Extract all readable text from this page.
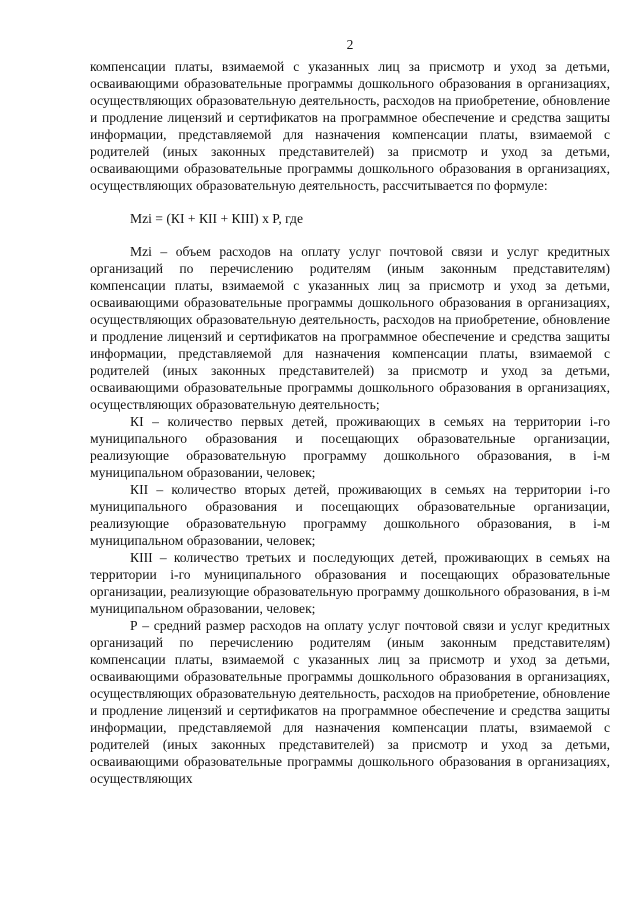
2

компенсации платы, взимаемой с указанных лиц за присмотр и уход за детьми, осваивающими образовательные программы дошкольного образования в организациях, осуществляющих образовательную деятельность, расходов на приобретение, обновление и продление лицензий и сертификатов на программное обеспечение и средства защиты информации, представляемой для назначения компенсации платы, взимаемой с родителей (иных законных представителей) за присмотр и уход за детьми, осваивающими образовательные программы дошкольного образования в организациях, осуществляющих образовательную деятельность, рассчитывается по формуле:

Mzi = (КI + КII + КIII) x P, где

Mzi – объем расходов на оплату услуг почтовой связи и услуг кредитных организаций по перечислению родителям (иным законным представителям) компенсации платы, взимаемой с указанных лиц за присмотр и уход за детьми, осваивающими образовательные программы дошкольного образования в организациях, осуществляющих образовательную деятельность, расходов на приобретение, обновление и продление лицензий и сертификатов на программное обеспечение и средства защиты информации, представляемой для назначения компенсации платы, взимаемой с родителей (иных законных представителей) за присмотр и уход за детьми, осваивающими образовательные программы дошкольного образования в организациях, осуществляющих образовательную деятельность;

КI – количество первых детей, проживающих в семьях на территории i-го муниципального образования и посещающих образовательные организации, реализующие образовательную программу дошкольного образования, в i-м муниципальном образовании, человек;

КII – количество вторых детей, проживающих в семьях на территории i-го муниципального образования и посещающих образовательные организации, реализующие образовательную программу дошкольного образования, в i-м муниципальном образовании, человек;

КIII – количество третьих и последующих детей, проживающих в семьях на территории i-го муниципального образования и посещающих образовательные организации, реализующие образовательную программу дошкольного образования, в i-м муниципальном образовании, человек;

Р – средний размер расходов на оплату услуг почтовой связи и услуг кредитных организаций по перечислению родителям (иным законным представителям) компенсации платы, взимаемой с указанных лиц за присмотр и уход за детьми, осваивающими образовательные программы дошкольного образования в организациях, осуществляющих образовательную деятельность, расходов на приобретение, обновление и продление лицензий и сертификатов на программное обеспечение и средства защиты информации, представляемой для назначения компенсации платы, взимаемой с родителей (иных законных представителей) за присмотр и уход за детьми, осваивающими образовательные программы дошкольного образования в организациях, осуществляющих
